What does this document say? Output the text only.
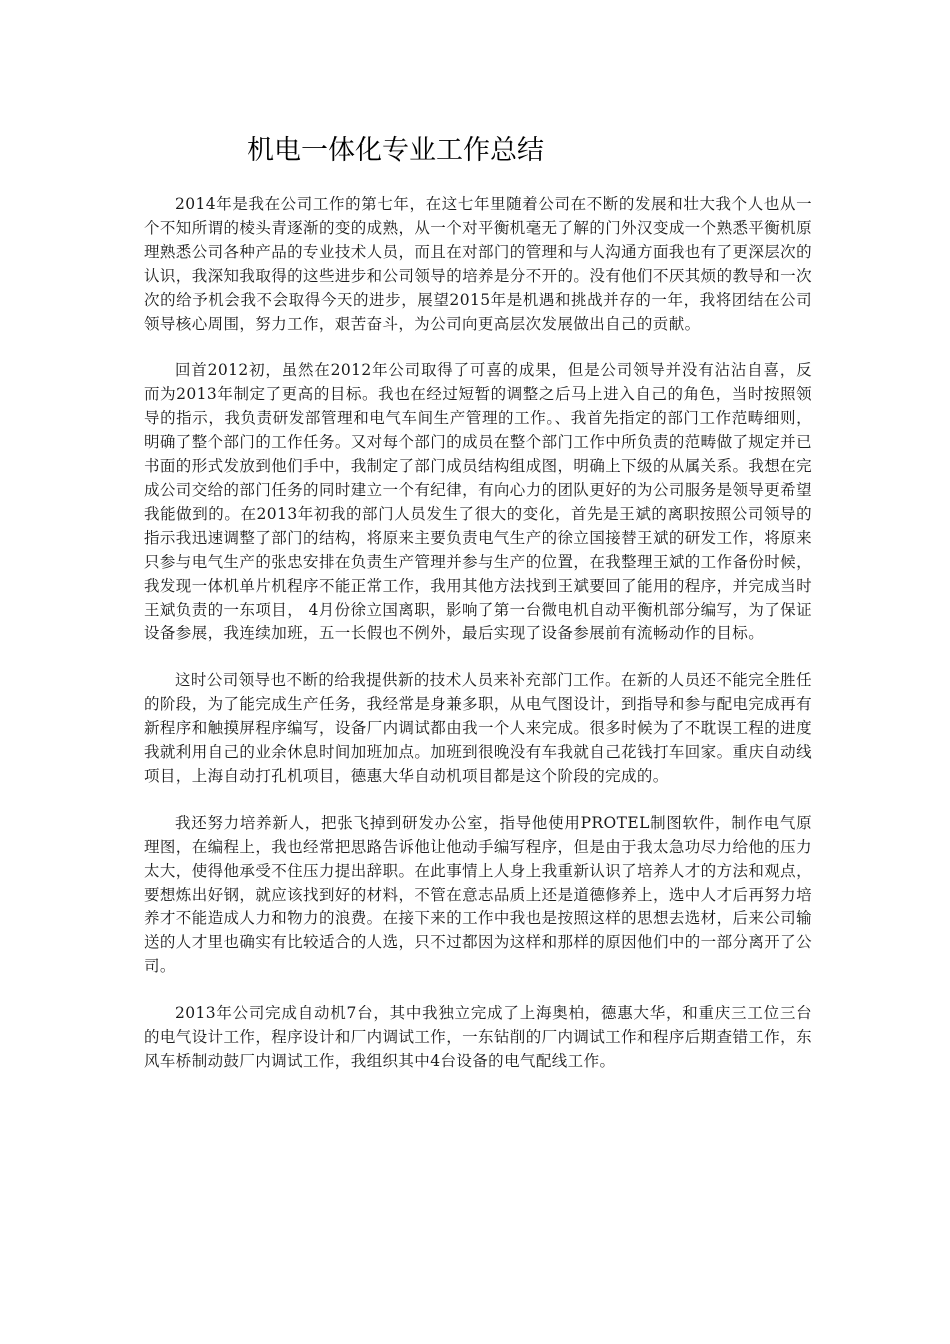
机电一体化专业工作总结

2014年是我在公司工作的第七年，在这七年里随着公司在不断的发展和壮大我个人也从一个不知所谓的棱头青逐渐的变的成熟，从一个对平衡机毫无了解的门外汉变成一个熟悉平衡机原理熟悉公司各种产品的专业技术人员，而且在对部门的管理和与人沟通方面我也有了更深层次的认识，我深知我取得的这些进步和公司领导的培养是分不开的。没有他们不厌其烦的教导和一次次的给予机会我不会取得今天的进步，展望2015年是机遇和挑战并存的一年，我将团结在公司领导核心周围，努力工作，艰苦奋斗，为公司向更高层次发展做出自己的贡献。

回首2012初，虽然在2012年公司取得了可喜的成果，但是公司领导并没有沾沾自喜，反而为2013年制定了更高的目标。我也在经过短暂的调整之后马上进入自己的角色，当时按照领导的指示，我负责研发部管理和电气车间生产管理的工作。、我首先指定的部门工作范畴细则，明确了整个部门的工作任务。又对每个部门的成员在整个部门工作中所负责的范畴做了规定并已书面的形式发放到他们手中，我制定了部门成员结构组成图，明确上下级的从属关系。我想在完成公司交给的部门任务的同时建立一个有纪律，有向心力的团队更好的为公司服务是领导更希望我能做到的。在2013年初我的部门人员发生了很大的变化，首先是王斌的离职按照公司领导的指示我迅速调整了部门的结构，将原来主要负责电气生产的徐立国接替王斌的研发工作，将原来只参与电气生产的张忠安排在负责生产管理并参与生产的位置，在我整理王斌的工作备份时候，我发现一体机单片机程序不能正常工作，我用其他方法找到王斌要回了能用的程序，并完成当时王斌负责的一东项目， 4月份徐立国离职，影响了第一台微电机自动平衡机部分编写，为了保证设备参展，我连续加班，五一长假也不例外，最后实现了设备参展前有流畅动作的目标。

这时公司领导也不断的给我提供新的技术人员来补充部门工作。在新的人员还不能完全胜任的阶段，为了能完成生产任务，我经常是身兼多职，从电气图设计，到指导和参与配电完成再有新程序和触摸屏程序编写，设备厂内调试都由我一个人来完成。很多时候为了不耽误工程的进度我就利用自己的业余休息时间加班加点。加班到很晚没有车我就自己花钱打车回家。重庆自动线项目，上海自动打孔机项目，德惠大华自动机项目都是这个阶段的完成的。

我还努力培养新人，把张飞掉到研发办公室，指导他使用PROTEL制图软件，制作电气原理图，在编程上，我也经常把思路告诉他让他动手编写程序，但是由于我太急功尽力给他的压力太大，使得他承受不住压力提出辞职。在此事情上人身上我重新认识了培养人才的方法和观点，要想炼出好钢，就应该找到好的材料，不管在意志品质上还是道德修养上，选中人才后再努力培养才不能造成人力和物力的浪费。在接下来的工作中我也是按照这样的思想去选材，后来公司输送的人才里也确实有比较适合的人选，只不过都因为这样和那样的原因他们中的一部分离开了公司。

2013年公司完成自动机7台，其中我独立完成了上海奥柏，德惠大华，和重庆三工位三台的电气设计工作，程序设计和厂内调试工作，一东钻削的厂内调试工作和程序后期查错工作，东风车桥制动鼓厂内调试工作，我组织其中4台设备的电气配线工作。
